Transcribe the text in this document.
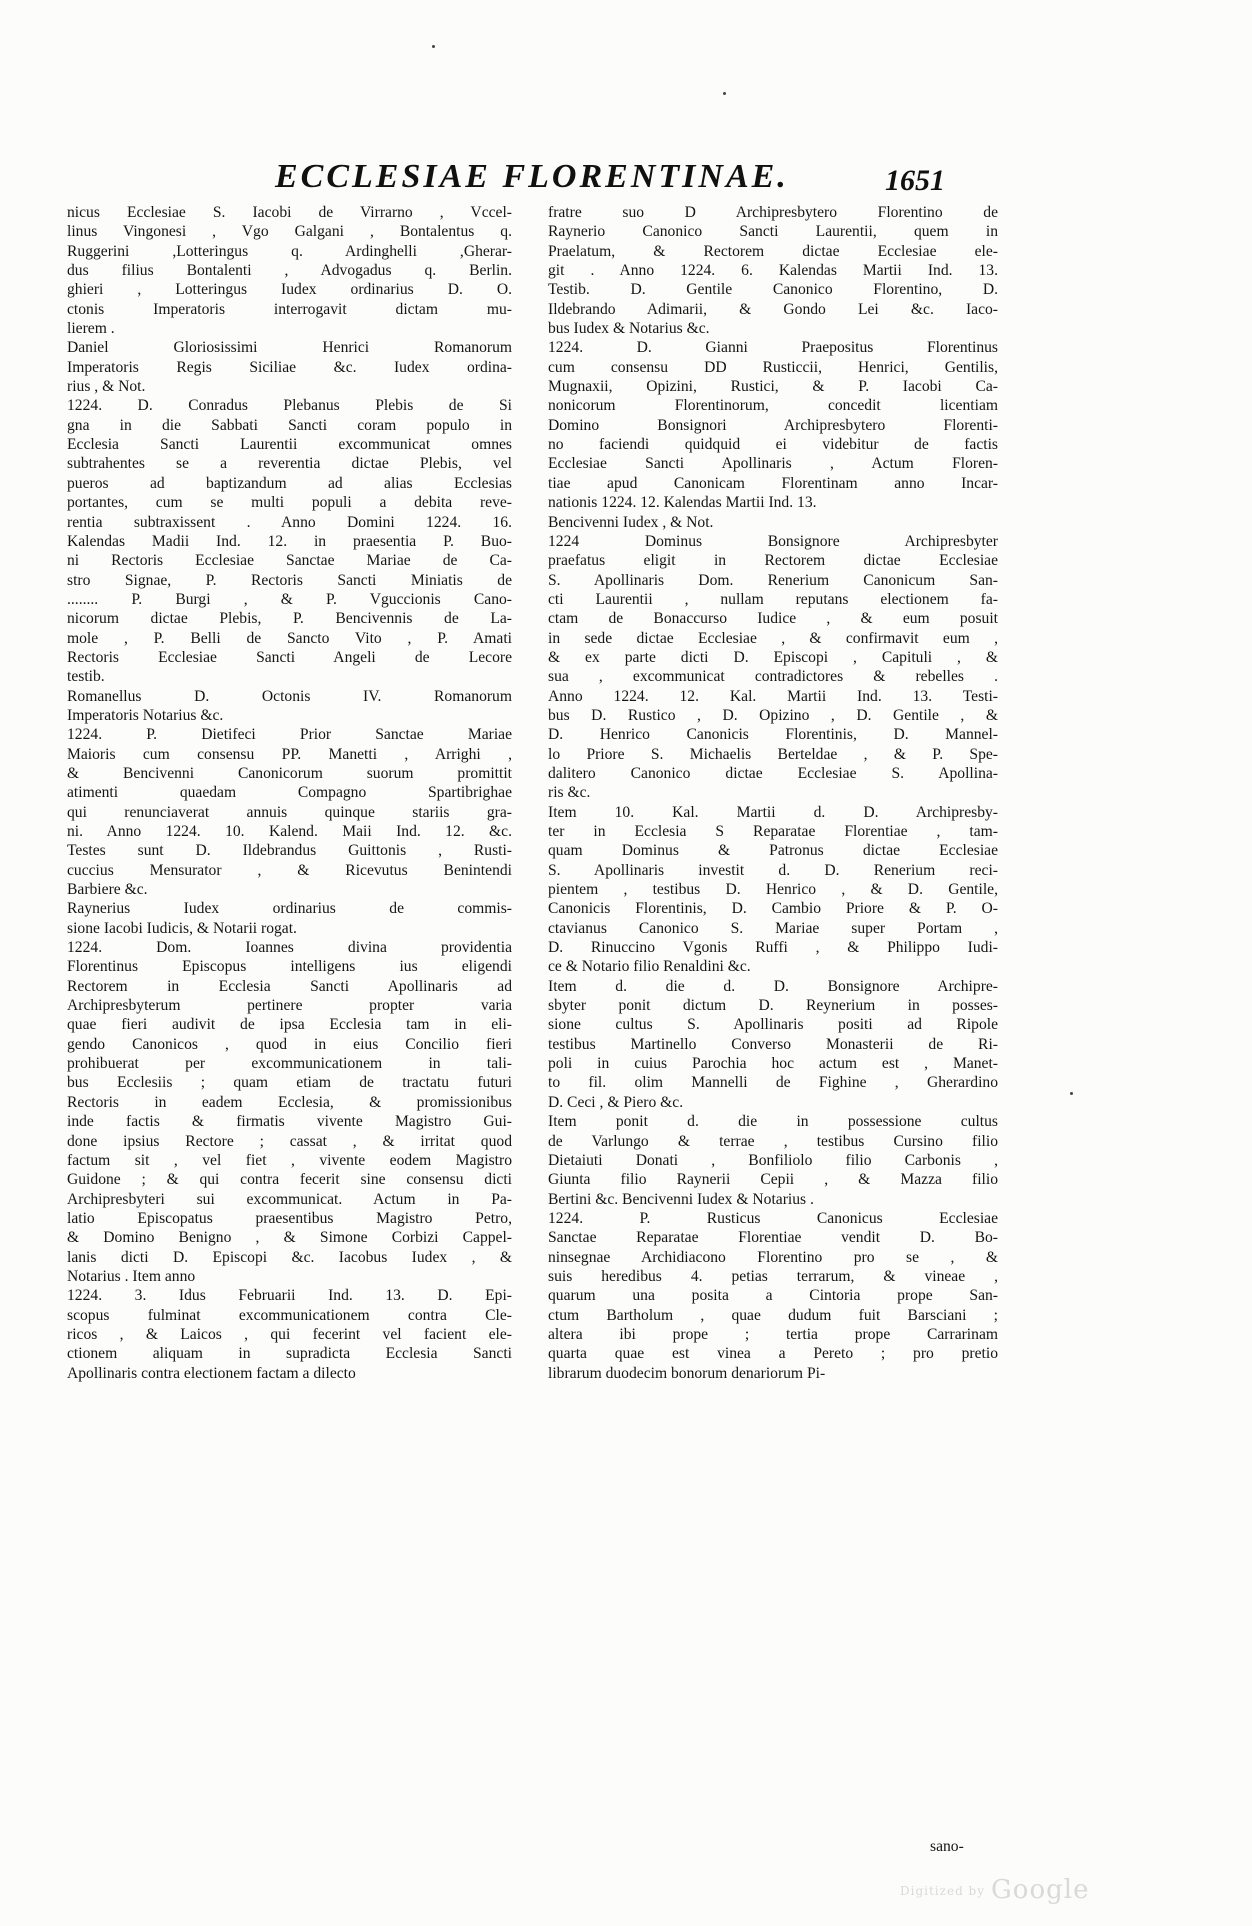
ECCLESIAE FLORENTINAE.	1651
nicus Ecclesiae S. Iacobi de Virrarno , Vccel-
linus Vingonesi , Vgo Galgani , Bontalentus q.
Ruggerini ,Lotteringus q. Ardinghelli ,Gherar-
dus filius Bontalenti , Advogadus q. Berlin.
ghieri , Lotteringus Iudex ordinarius D. O.
ctonis Imperatoris interrogavit dictam mu-
lierem .
Daniel Gloriosissimi Henrici Romanorum
Imperatoris Regis Siciliae &c. Iudex ordina-
rius , & Not.
1224. D. Conradus Plebanus Plebis de Si
gna in die Sabbati Sancti coram populo in
Ecclesia Sancti Laurentii excommunicat omnes
subtrahentes se a reverentia dictae Plebis, vel
pueros ad baptizandum ad alias Ecclesias
portantes, cum se multi populi a debita reve-
rentia subtraxissent . Anno Domini 1224. 16.
Kalendas Madii Ind. 12. in praesentia P. Buo-
ni Rectoris Ecclesiae Sanctae Mariae de Ca-
stro Signae, P. Rectoris Sancti Miniatis de
........ P. Burgi , & P. Vguccionis Cano-
nicorum dictae Plebis, P. Bencivennis de La-
mole , P. Belli de Sancto Vito , P. Amati
Rectoris Ecclesiae Sancti Angeli de Lecore
testib.
Romanellus D. Octonis IV. Romanorum
Imperatoris Notarius &c.
1224. P. Dietifeci Prior Sanctae Mariae
Maioris cum consensu PP. Manetti , Arrighi ,
& Bencivenni Canonicorum suorum promittit
atimenti quaedam Compagno Spartibrighae
qui renunciaverat annuis quinque stariis gra-
ni. Anno 1224. 10. Kalend. Maii Ind. 12. &c.
Testes sunt D. Ildebrandus Guittonis , Rusti-
cuccius Mensurator , & Ricevutus Benintendi
Barbiere &c.
Raynerius Iudex ordinarius de commis-
sione Iacobi Iudicis, & Notarii rogat.
1224. Dom. Ioannes divina providentia
Florentinus Episcopus intelligens ius eligendi
Rectorem in Ecclesia Sancti Apollinaris ad
Archipresbyterum pertinere propter varia
quae fieri audivit de ipsa Ecclesia tam in eli-
gendo Canonicos , quod in eius Concilio fieri
prohibuerat per excommunicationem in tali-
bus Ecclesiis ; quam etiam de tractatu futuri
Rectoris in eadem Ecclesia, & promissionibus
inde factis & firmatis vivente Magistro Gui-
done ipsius Rectore ; cassat , & irritat quod
factum sit , vel fiet , vivente eodem Magistro
Guidone ; & qui contra fecerit sine consensu dicti
Archipresbyteri sui excommunicat. Actum in Pa-
latio Episcopatus praesentibus Magistro Petro,
& Domino Benigno , & Simone Corbizi Cappel-
lanis dicti D. Episcopi &c. Iacobus Iudex , &
Notarius . Item anno
1224. 3. Idus Februarii Ind. 13. D. Epi-
scopus fulminat excommunicationem contra Cle-
ricos , & Laicos , qui fecerint vel facient ele-
ctionem aliquam in supradicta Ecclesia Sancti
Apollinaris contra electionem factam a dilecto
fratre suo D Archipresbytero Florentino de
Raynerio Canonico Sancti Laurentii, quem in
Praelatum, & Rectorem dictae Ecclesiae ele-
git . Anno 1224. 6. Kalendas Martii Ind. 13.
Testib. D. Gentile Canonico Florentino, D.
Ildebrando Adimarii, & Gondo Lei &c. Iaco-
bus Iudex & Notarius &c.
1224. D. Gianni Praepositus Florentinus
cum consensu DD Rusticcii, Henrici, Gentilis,
Mugnaxii, Opizini, Rustici, & P. Iacobi Ca-
nonicorum Florentinorum, concedit licentiam
Domino Bonsignori Archipresbytero Florenti-
no faciendi quidquid ei videbitur de factis
Ecclesiae Sancti Apollinaris , Actum Floren-
tiae apud Canonicam Florentinam anno Incar-
nationis 1224. 12. Kalendas Martii Ind. 13.
Bencivenni Iudex , & Not.
1224 Dominus Bonsignore Archipresbyter
praefatus eligit in Rectorem dictae Ecclesiae
S. Apollinaris Dom. Renerium Canonicum San-
cti Laurentii , nullam reputans electionem fa-
ctam de Bonaccurso Iudice , & eum posuit
in sede dictae Ecclesiae , & confirmavit eum ,
& ex parte dicti D. Episcopi , Capituli , &
sua , excommunicat contradictores & rebelles .
Anno 1224. 12. Kal. Martii Ind. 13. Testi-
bus D. Rustico , D. Opizino , D. Gentile , &
D. Henrico Canonicis Florentinis, D. Mannel-
lo Priore S. Michaelis Berteldae , & P. Spe-
dalitero Canonico dictae Ecclesiae S. Apollina-
ris &c.
Item 10. Kal. Martii d. D. Archipresby-
ter in Ecclesia S Reparatae Florentiae , tam-
quam Dominus & Patronus dictae Ecclesiae
S. Apollinaris investit d. D. Renerium reci-
pientem , testibus D. Henrico , & D. Gentile,
Canonicis Florentinis, D. Cambio Priore & P. O-
ctavianus Canonico S. Mariae super Portam ,
D. Rinuccino Vgonis Ruffi , & Philippo Iudi-
ce & Notario filio Renaldini &c.
Item d. die d. D. Bonsignore Archipre-
sbyter ponit dictum D. Reynerium in posses-
sione cultus S. Apollinaris positi ad Ripole
testibus Martinello Converso Monasterii de Ri-
poli in cuius Parochia hoc actum est , Manet-
to fil. olim Mannelli de Fighine , Gherardino
D. Ceci , & Piero &c.
Item ponit d. die in possessione cultus
de Varlungo & terrae , testibus Cursino filio
Dietaiuti Donati , Bonfiliolo filio Carbonis ,
Giunta filio Raynerii Cepii , & Mazza filio
Bertini &c. Bencivenni Iudex & Notarius .
1224. P. Rusticus Canonicus Ecclesiae
Sanctae Reparatae Florentiae vendit D. Bo-
ninsegnae Archidiacono Florentino pro se , &
suis heredibus 4. petias terrarum, & vineae ,
quarum una posita a Cintoria prope San-
ctum Bartholum , quae dudum fuit Barsciani ;
altera ibi prope ; tertia prope Carrarinam
quarta quae est vinea a Pereto ; pro pretio
librarum duodecim bonorum denariorum Pi-
sano-
Digitized by Google
